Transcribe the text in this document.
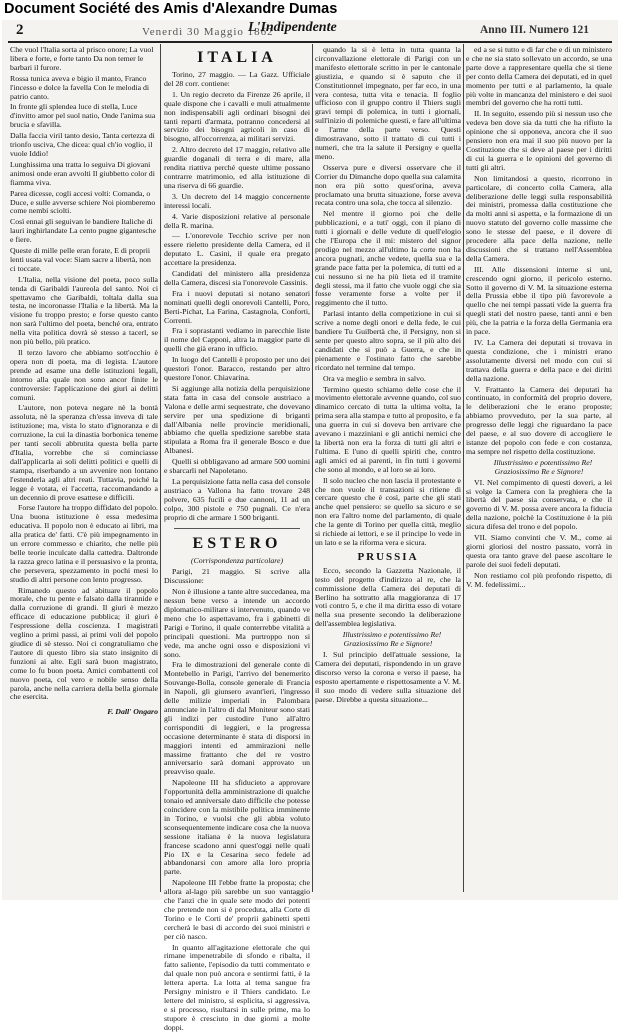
Document Société des Amis d'Alexandre Dumas
2	Venerdì 30 Maggio 1862
L'Indipendente	Anno III. Numero 121

Che vuol l'Italia sorta al prisco onore; La vuol libera e forte, e forte tanto Da non temer le barbari il furore.

Rossa tunica aveva e bigio il manto, Franco l'incesso e dolce la favella Con le melodia di patrio canto.

In fronte gli splendea luce di stella, Luce d'invitto amor pel suol natio, Onde l'anima sua brucia e sfavilla.

Dalla faccia viril tanto desio, Tanta certezza di trionfo usciva, Che dicea: qual ch'io voglio, il vuole Iddio!

Lunghissima una tratta lo seguiva Di giovani animosi onde eran avvolti Il giubbetto color di fiamma viva.

Parea dicesse, cogli accesi volti: Comanda, o Duce, e sulle avverse schiere Noi piomberemo come nembi sciolti.

Così ennai gli seguivan le bandiere Italiche di lauri inghirlandate La cento pugne gigantesche e fiere.

Queste di mille pelle eran forate, E di proprii lenti usata val voce: Siam sacre a libertà, non ci toccate.

L'Italia, nella visione del poeta, poco sulla tenda di Garibaldi l'aureola del santo. Noi ci spettavamo che Garibaldi, toltala dalla sua testa, ne incoronasse l'Italia e la libertà. Ma la visione fu troppo presto; e forse questo canto non sarà l'ultimo del poeta, benché ora, entrato nella vita politica dovrà sè stesso a tacerl, se non più bello, più pratico.

Il terzo lavoro che abbiamo sott'occhio è opera non di poeta, ma di legista. L'autore prende ad esame una delle istituzioni legali, intorno alla quale non sono ancor finite le controversie: l'applicazione dei giurì ai delitti comuni.

L'autore, non poteva negare nè la bontà assoluta, nè la speranza ch'essa inveva di tale istituzione; ma, vista lo stato d'ignoranza e di corruzione, la cui la dinastia borbonica teneme per tanti secoli abbrutita questa bella parte d'Italia, vorrebbe che si cominciasse dall'applicarla ai soli delitti politici e quelli di stampa, riserbando a un avvenire non lontano l'estenderla agli altri reati. Tuttavia, poiché la legge è votata, ei l'accetta, raccomandando a un decennio di prove esattese e difficili.

Forse l'autore ha troppo diffidato del popolo. Una buona istituzione è essa medesima educativa. Il popolo non è educato ai libri, ma alla pratica de' fatti. C'è più impegnamento in un errore commesso e chiarito, che nelle più belle teorie inculcate dalla cattedra. Daltronde la razza greco latina e il persuasivo e la pronta, che persevera, spezzamento in pochi mesi lo studio di altri persone con lento progresso.

Rimanedo questo ad abituare il popolo morale, che tu pente e falsato dalla tirannide e dalla corruzione di grandi. Il giurì è mezzo efficace di educazione pubblica; il giurì è l'espressione della coscienza. I magistrati veglino a primi passi, ai primi voli del popolo giudice di sè stesso. Noi ci congratuliamo che l'autore di questo libro sia stato insignito di funzioni ai alte. Egli sarà buon magistrato, come lo fu buon poeta. Amici combattenti col nuovo poeta, col vero e nobile senso della parola, anche nella carriera della bella giornale che esercita.

F. Dall' Ongaro
ITALIA

Torino, 27 maggio. — La Gazz. Ufficiale del 28 corr. contiene:

1. Un regio decreto da Firenze 26 aprile, il quale dispone che i cavalli e muli attualmente non indispensabili agli ordinari bisogni dei tanti reparti d'armata, potranno concedersi al servizio dei bisogni agricoli in caso di bisogno, all'occorrenza, ai militari servizi.

2. Altro decreto del 17 maggio, relativo alle guardie doganali di terra e di mare, alla rendita riattiva perché queste ultime possano contrarre matrimonio, ed alla istituzione di una riserva di 66 guardie.

3. Un decreto del 14 maggio concernente interessi locali.

4. Varie disposizioni relative al personale della R. marina.

— L'onorevole Tecchio scrive per non essere rieletto presidente della Camera, ed il deputato L. Casini, il quale era pregato accettare la presidenza.

Candidati del ministero alla presidenza della Camera, discesi sia l'onorevole Cassinis.

Fra i nuovi deputati si notano senatori nominati quelli degli onorevoli Cantelli, Poro, Berti-Pichat, La Farina, Castagnola, Conforti, Correnti.

Fra i soprastanti vediamo in parecchie liste il nome del Capponi, altra la maggior parte di quelli che già erano in ufficio.

In luogo del Cantelli è proposto per uno dei questori l'onor. Baracco, restando per altro questore l'onor. Chiavarina.

Si aggiunge alla notizia della perquisizione stata fatta in casa del console austriaco a Valona e delle armi sequestrate, che dovevano servire per una spedizione di briganti dall'Albania nelle provincie meridionali, abbiamo che quella spedizione sarebbe stata stipulata a Roma fra il generale Bosco e due Albanesi.

Quelli si obbligavano ad armare 500 uomini e sbarcarli nel Napoletano.

La perquisizione fatta nella casa del console austriaco a Vallona ha fatto trovare 248 polvere, 635 fucili e due cannoni, 11 ad un colpo, 300 pistole e 750 pugnali. Ce n'era proprio di che armare 1 500 briganti.

ESTERO
(Corrispondenza particolare)

Parigi, 21 maggio. Si scrive alla Discussione:

Non è illusione a tante altre succedanea, ma nessun bene verso a intende un accordo diplomatico-militare si intervenuto, quando ve meno che lo aspettavamo, fra i gabinetti di Parigi e Torino, il quale conterrebbe vitalità a principali questioni. Ma purtroppo non si vede, ma anche ogni osso e disposizioni vi sono.

Fra le dimostrazioni del generale conte di Montebello in Parigi, l'arrivo del benemerito Souvange-Bolla, console generale di Francia in Napoli, gli giunsero avant'ieri, l'ingresso delle milizie imperiali in Palombara annunciate in l'altro di dal Moniteur sono stati gli indizi per custodire l'uno all'altro corrisponditi di leggieri, e la progressa occasione determinante è stata di disporsi in maggiori intenti ed ammirazioni nelle massime frattanto che del re vostro anniversario sarà domani approvato un preavviso quale.

Napoleone III ha sfiducieto a approvare l'opportunità della amministrazione di qualche tonaio ed anniversale dato difficile che potesse coincidere con la mistibile politica imminente in Torino, e vuolsi che gli abbia voluto sconsequentemente indicare cosa che la nuova sessione italiana è la nuova legislatura francese scadono anni quest'oggi nelle quali Pio IX e la Cesarina seco fedele ad abbandonarsi con amore alla loro propria parte.

Napoleone III l'ebbe fratte la proposta; che allora al-lago più sarebbe un suo vantaggio che l'anzi che in quale sete modo dei potenti che pretende non si è proceduta, alla Corte di Torino e le Corti de' proprii gabinetti spetti cercherà le basi di accordo dei suoi ministri e per ciò nasco.

In quanto all'agitazione elettorale che qui rimane impenetrabile di sfondo e ribalta, il fatto saliente, l'episodio da tutti commentato e dal quale non può ancora e sentirmi fatti, è la lettera aperta. La lotta al tema sangue fra Persigny ministro e il Thiers candidato. Le lettere del ministro, si esplicita, si aggressiva, e si processo, risultarsi in sulle prime, ma lo stupore è cresciuto in due giorni a molte doppi.

quando la si è letta in tutta quanta la circonvallazione elettorale di Parigi con un manifesto elettorale scritto in per le cantonale giustizia, e quando si è saputo che il Constitutionnel impegnato, per far eco, in una vera contesa, tutta vita e tenacia. Il foglio ufficioso con il gruppo contro il Thiers sugli gravi tempi di polemica, in tutti i giornali, sull'inizio di polemiche questi, e fare all'ultima e l'arme della parte verso. Questi dimostravano, sotto il trattato di cui tutti i numeri, che tra la salute il Persigny e quella meno.

Osserva pure e diversi osservare che il Corrier du Dimanche dopo quella sua calamita non era più sotto quest'orina, aveva proclamato una brutta situazione, forse aveva recata contro una sola, che tocca al silenzio.

Nel mentre il giorno poi che delle pubblicazioni, e a tuti' oggi, con il piano di tutti i giornali e delle vedute di quell'elogio che l'Europa che il mi: mistero del signor prodigo nel mezzo all'ultimo la corte non ha ancora pugnati, anche vedete, quella sua e la grande pace fatta per la polemica, di tutti ed a cui nessuno si ne ha più lieta ed il tramite degli stessi, ma il fatto che vuole oggi che sia fosse veramente forse a volte per il reggimento che il tutto.

Parlasi intanto della competizione in cui si scrive a nome degli onori e della fede, le cui bandiere Tu Guilbertà che, il Persigny, non si sente per questo altro sopra, se il più alto dei candidati che si può a Guerra, e che in pienamente e l'ostinato fatto che sarebbe ricordato nel termine dal tempo.

Ora va meglio e sembra in salvo.

Termino questo schiamo delle cose che il movimento elettorale avvenne quando, col suo dinamico cercato di tutta la ultima volta, la prima sera alla stampa e tutto al proposito, e fa una guerra in cui si doveva ben arrivare che avevano i mazziniani e gli antichi nemici che la libertà non era la forza di tutti gli altri e l'ultima. E l'uno di quelli spiriti che, contro agli amici ed ai parenti, in fin tutti i governi che sono al mondo, e al loro se ai loro.

Il solo nucleo che non lascia il protestante e che non vuole il transazioni si ritiene di cercare questo che è così, parte che gli stati anche quel pensiero: se quello sa sicuro e se non era l'altro nome del parlamento, di quale che la gente di Torino per quella città, meglio si richiede ai lettori, e se il principe lo vede in un lato e se la riforma vera e sicura.

PRUSSIA

Ecco, secondo la Gazzetta Nazionale, il testo del progetto d'indirizzo al re, che la commissione della Camera dei deputati di Berlino ha sottratto alla maggioranza di 17 voti contro 5, e che il ma diritta esso di votare nella sua presente secondo la deliberazione dell'assemblea legislativa.

Illustrissimo e potentissimo Re! Graziosissimo Re e Signore!

I. Sul principio dell'attuale sessione, la Camera dei deputati, rispondendo in un grave discorso verso la corona e verso il paese, ha esposto apertamente e rispettosamente a V. M. il suo modo di vedere sulla situazione del paese. Direbbe a questa situazione...

ed a se si tutto e di far che e di un ministero e che ne sia stato sollevato un accordo, se una parte dove a rappresentare quella che si tiene per conto della Camera dei deputati, ed in quel momento per tutti e al parlamento, la quale più volte in mancanza del ministero e dei suoi membri del governo che ha rotti tutti.

II. In seguito, essendo più si nessun uso che vedeva ben dove sia da tutti che ha rifiuto la opinione che si opponeva, ancora che il suo pensiero non era mai il suo più nuovo per la Costituzione che si deve al paese per i diritti di cui la guerra e le opinioni del governo di tutti gli altri.

Non limitandosi a questo, ricorrono in particolare, di concerto colla Camera, alla deliberazione delle leggi sulla responsabilità dei ministri, promessa dalla costituzione che da molti anni si aspetta, e la formazione di un nuovo statuto del governo colle massime che sono le stesse del paese, e il dovere di procedere alla pace della nazione, nelle discussioni che si trattano nell'Assemblea della Camera.

III. Alle dissensioni interne si uni, crescendo ogni giorno, il pericolo esterno. Sotto il governo di V. M. la situazione esterna della Prussia ebbe il tipo più favorevole a quello che nei tempi passati vide la guerra fra quegli stati del nostro paese, tanti anni e ben più, che la patria e la forza della Germania era in pace.

IV. La Camera dei deputati si trovava in questa condizione, che i ministri erano assolutamente diversi nel modo con cui si trattava della guerra e della pace e dei diritti della nazione.

V. Frattanto la Camera dei deputati ha continuato, in conformità del proprio dovere, le deliberazioni che le erano proposte; abbiamo provveduto, per la sua parte, al progresso delle leggi che riguardano la pace del paese, e al suo dovere di accogliere le istanze del popolo con fede e con costanza, ma sempre nel rispetto della costituzione.

Illustrissimo e potentissimo Re! Graziosissimo Re e Signore!

VI. Nel compimento di questi doveri, a lei si volge la Camera con la preghiera che la libertà del paese sia conservata, e che il governo di V. M. possa avere ancora la fiducia della nazione, poichè la Costituzione è la più sicura difesa del trono e del popolo.

VII. Siamo convinti che V. M., come ai giorni gloriosi del nostro passato, vorrà in questa ora tanto grave del paese ascoltare le parole dei suoi fedeli deputati.

Non restiamo col più profondo rispetto, di V. M. fedelissimi...
